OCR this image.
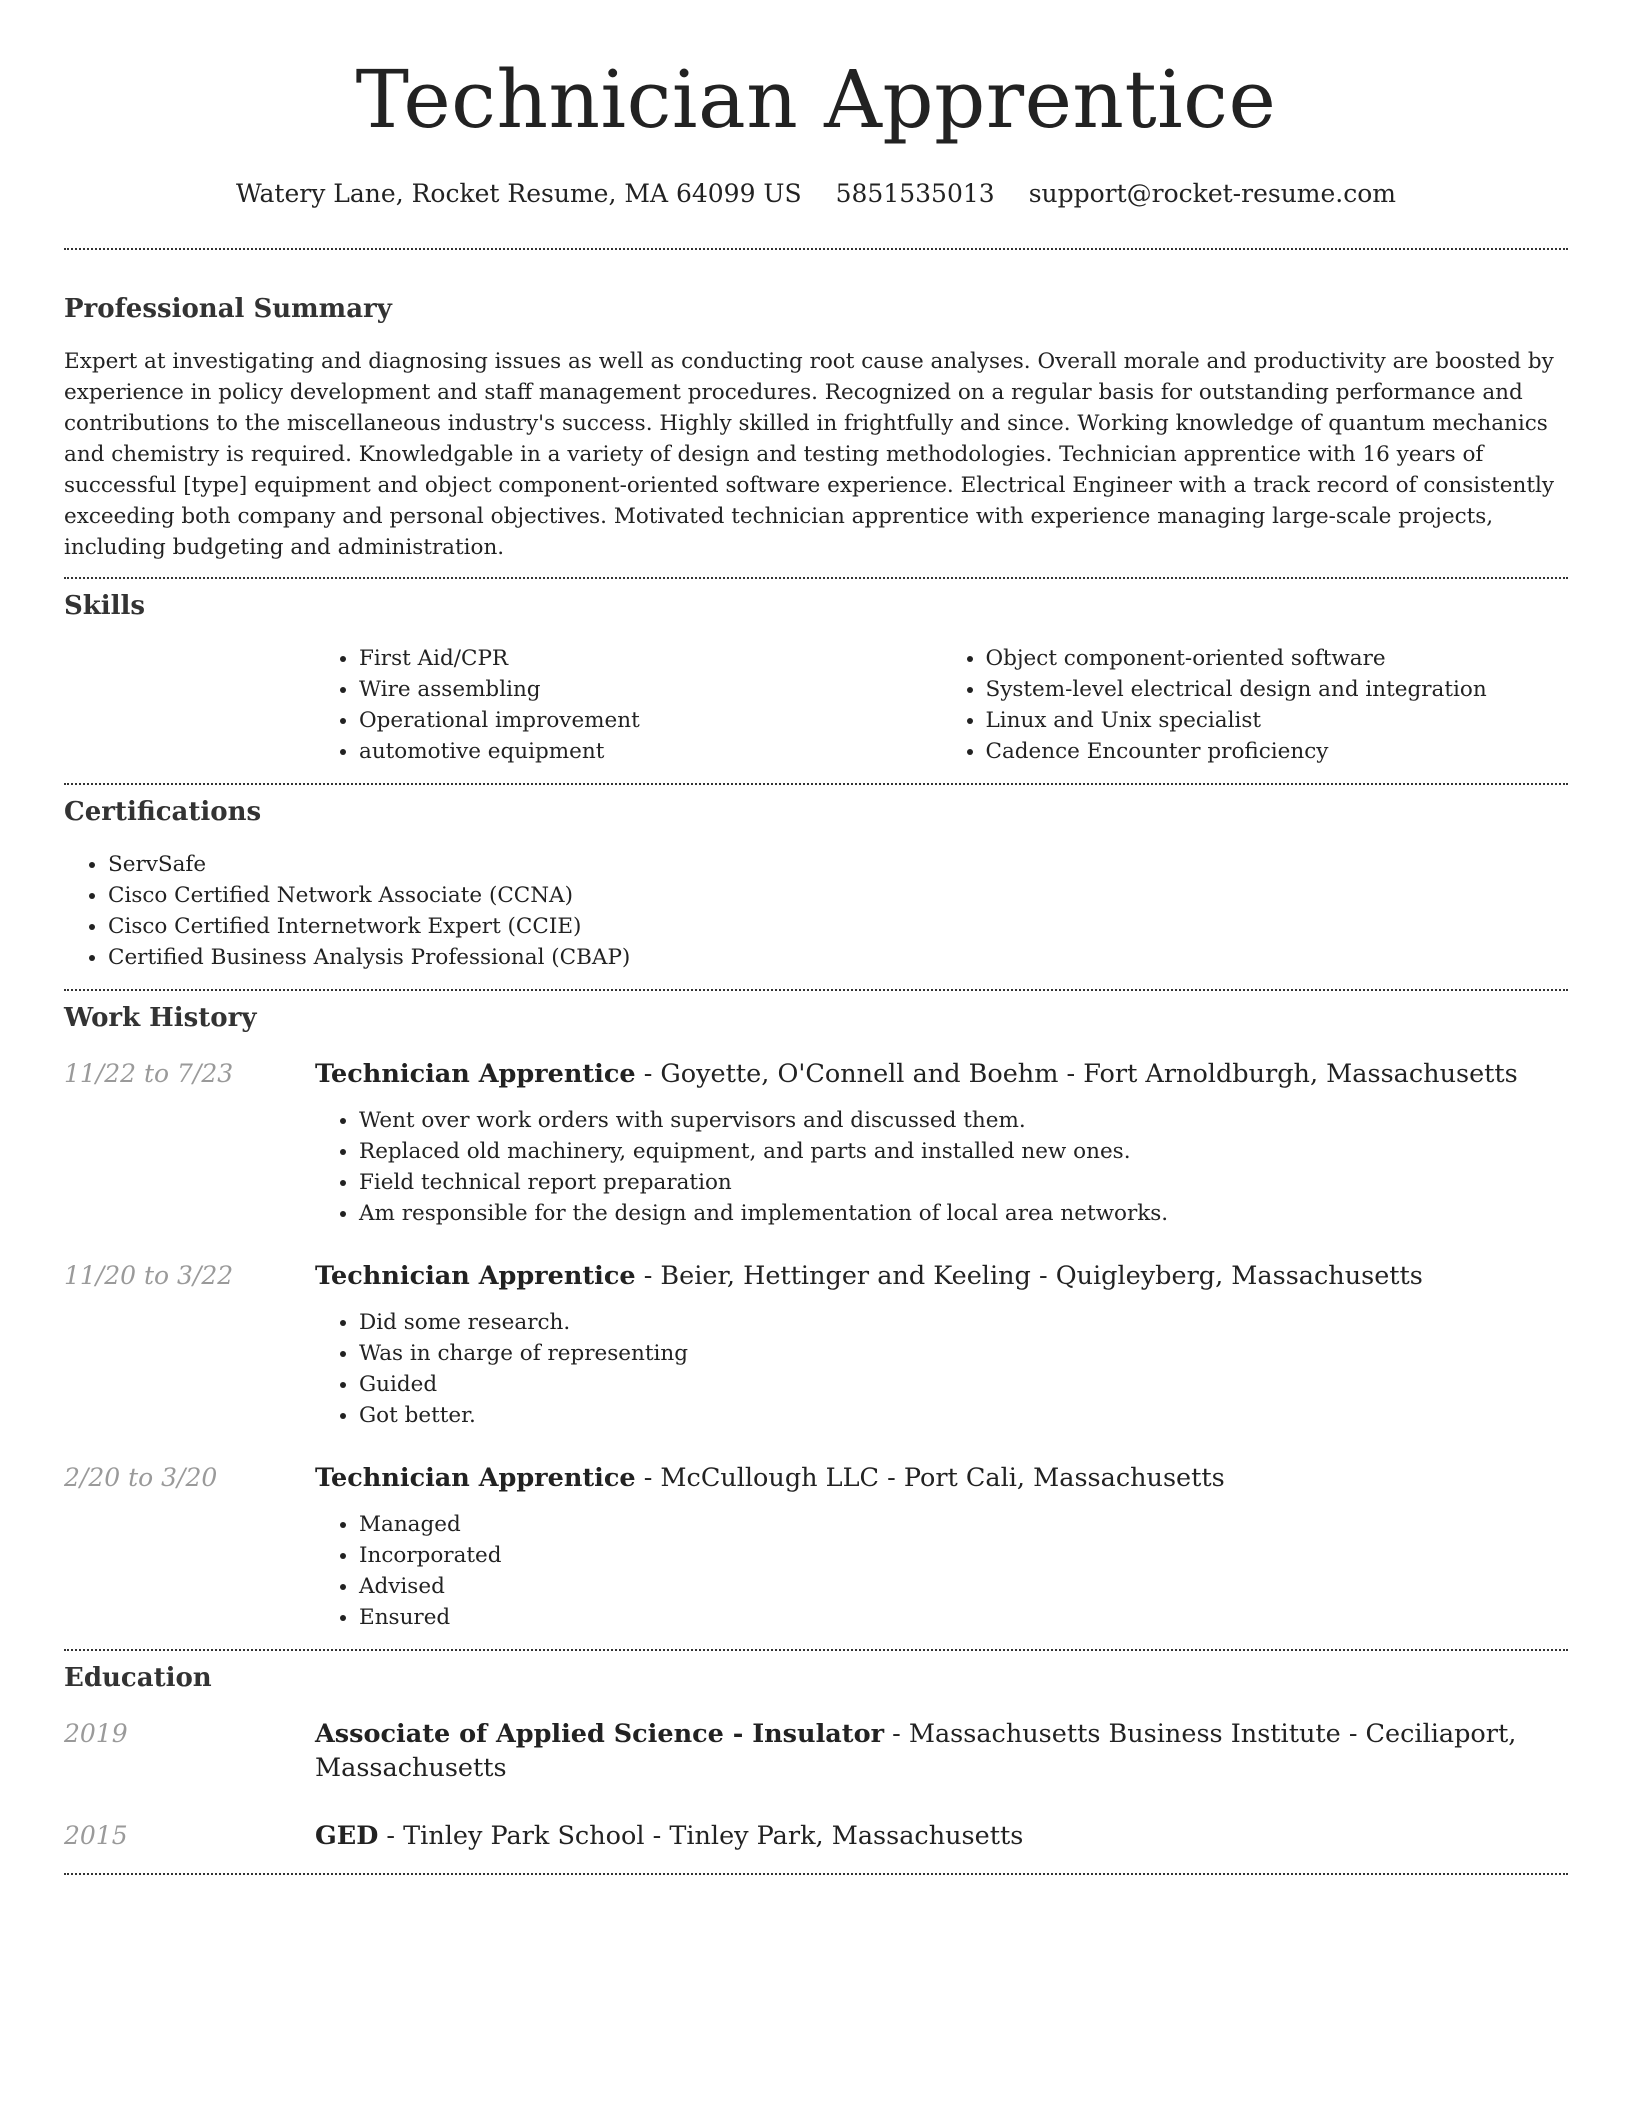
Technician Apprentice
Watery Lane, Rocket Resume, MA 64099 US 5851535013 support@rocket-resume.com
Professional Summary

Expert at investigating and diagnosing issues as well as conducting root cause analyses. Overall morale and productivity are boosted by experience in policy development and staff management procedures. Recognized on a regular basis for outstanding performance and contributions to the miscellaneous industry's success. Highly skilled in frightfully and since. Working knowledge of quantum mechanics and chemistry is required. Knowledgable in a variety of design and testing methodologies. Technician apprentice with 16 years of successful [type] equipment and object component-oriented software experience. Electrical Engineer with a track record of consistently exceeding both company and personal objectives. Motivated technician apprentice with experience managing large-scale projects, including budgeting and administration.

Skills
• First Aid/CPR
• Wire assembling
• Operational improvement
• automotive equipment
• Object component-oriented software
• System-level electrical design and integration
• Linux and Unix specialist
• Cadence Encounter proficiency
Certifications
• ServSafe
• Cisco Certified Network Associate (CCNA)
• Cisco Certified Internetwork Expert (CCIE)
• Certified Business Analysis Professional (CBAP)
Work History
11/22 to 7/23	Technician Apprentice - Goyette, O'Connell and Boehm - Fort Arnoldburgh, Massachusetts

• Went over work orders with supervisors and discussed them.
• Replaced old machinery, equipment, and parts and installed new ones.
• Field technical report preparation
• Am responsible for the design and implementation of local area networks.
11/20 to 3/22	Technician Apprentice - Beier, Hettinger and Keeling - Quigleyberg, Massachusetts

• Did some research.
• Was in charge of representing
• Guided
• Got better.
2/20 to 3/20	Technician Apprentice - McCullough LLC - Port Cali, Massachusetts

• Managed
• Incorporated
• Advised
• Ensured
Education
2019	Associate of Applied Science - Insulator - Massachusetts Business Institute - Ceciliaport, Massachusetts

2015	GED - Tinley Park School - Tinley Park, Massachusetts
